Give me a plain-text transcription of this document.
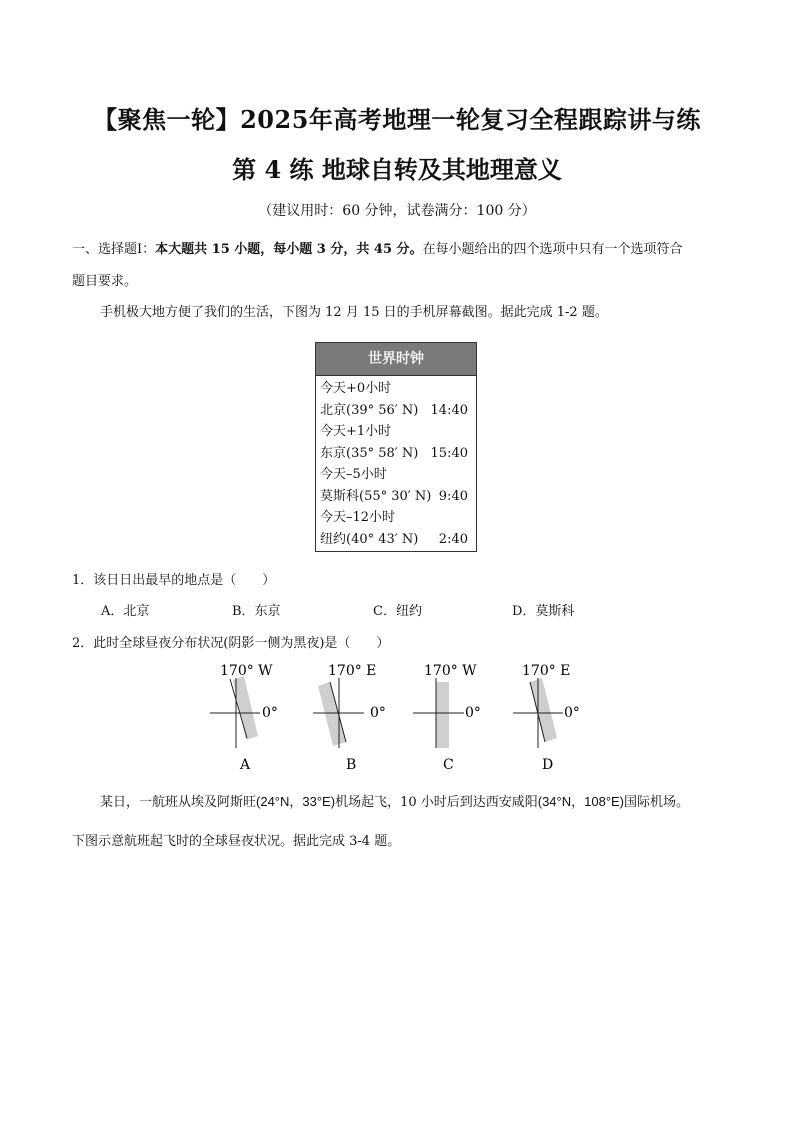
【聚焦一轮】2025年高考地理一轮复习全程跟踪讲与练
第 4 练 地球自转及其地理意义
（建议用时：60 分钟，试卷满分：100 分）
一、选择题Ⅰ：本大题共 15 小题，每小题 3 分，共 45 分。在每小题给出的四个选项中只有一个选项符合
题目要求。
手机极大地方便了我们的生活，下图为 12 月 15 日的手机屏幕截图。据此完成 1-2 题。
世界时钟
今天+0小时
北京(39° 56′ N) 14:40
今天+1小时
东京(35° 58′ N) 15:40
今天–5小时
莫斯科(55° 30′ N) 9:40
今天–12小时
纽约(40° 43′ N) 2:40
1．该日日出最早的地点是（　　）
A．北京	B．东京	C．纽约	D．莫斯科
2．此时全球昼夜分布状况(阴影一侧为黑夜)是（　　）
170° W
0°
A
170° E
0°
B
170° W
0°
C
170° E
0°
D
某日，一航班从埃及阿斯旺(24°N，33°E)机场起飞，10 小时后到达西安咸阳(34°N，108°E)国际机场。
下图示意航班起飞时的全球昼夜状况。据此完成 3-4 题。
